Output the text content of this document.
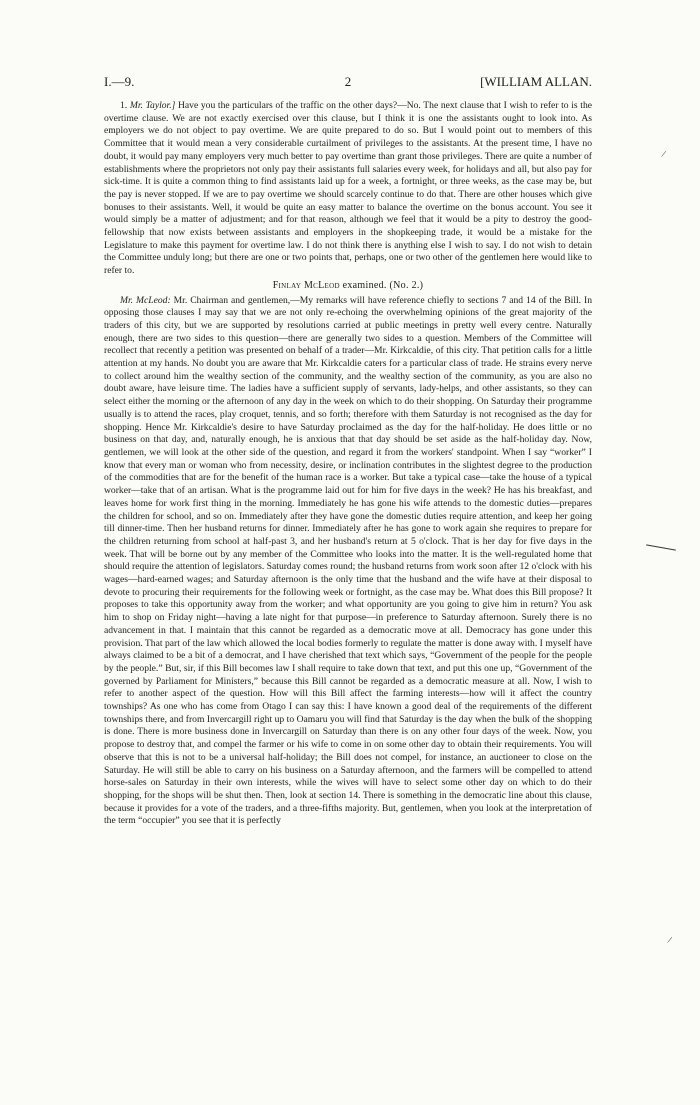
I.—9.	2	[WILLIAM ALLAN.

1. Mr. Taylor.] Have you the particulars of the traffic on the other days?—No. The next clause that I wish to refer to is the overtime clause. We are not exactly exercised over this clause, but I think it is one the assistants ought to look into. As employers we do not object to pay overtime. We are quite prepared to do so. But I would point out to members of this Committee that it would mean a very considerable curtailment of privileges to the assistants. At the present time, I have no doubt, it would pay many employers very much better to pay overtime than grant those privileges. There are quite a number of establishments where the proprietors not only pay their assistants full salaries every week, for holidays and all, but also pay for sick-time. It is quite a common thing to find assistants laid up for a week, a fortnight, or three weeks, as the case may be, but the pay is never stopped. If we are to pay overtime we should scarcely continue to do that. There are other houses which give bonuses to their assistants. Well, it would be quite an easy matter to balance the overtime on the bonus account. You see it would simply be a matter of adjustment; and for that reason, although we feel that it would be a pity to destroy the good-fellowship that now exists between assistants and employers in the shopkeeping trade, it would be a mistake for the Legislature to make this payment for overtime law. I do not think there is anything else I wish to say. I do not wish to detain the Committee unduly long; but there are one or two points that, perhaps, one or two other of the gentlemen here would like to refer to.

Finlay McLeod examined. (No. 2.)

Mr. McLeod: Mr. Chairman and gentlemen,—My remarks will have reference chiefly to sections 7 and 14 of the Bill. In opposing those clauses I may say that we are not only re-echoing the overwhelming opinions of the great majority of the traders of this city, but we are supported by resolutions carried at public meetings in pretty well every centre. Naturally enough, there are two sides to this question—there are generally two sides to a question. Members of the Committee will recollect that recently a petition was presented on behalf of a trader—Mr. Kirkcaldie, of this city. That petition calls for a little attention at my hands. No doubt you are aware that Mr. Kirkcaldie caters for a particular class of trade. He strains every nerve to collect around him the wealthy section of the community, and the wealthy section of the community, as you are also no doubt aware, have leisure time. The ladies have a sufficient supply of servants, lady-helps, and other assistants, so they can select either the morning or the afternoon of any day in the week on which to do their shopping. On Saturday their programme usually is to attend the races, play croquet, tennis, and so forth; therefore with them Saturday is not recognised as the day for shopping. Hence Mr. Kirkcaldie's desire to have Saturday proclaimed as the day for the half-holiday. He does little or no business on that day, and, naturally enough, he is anxious that that day should be set aside as the half-holiday day. Now, gentlemen, we will look at the other side of the question, and regard it from the workers' standpoint. When I say “worker” I know that every man or woman who from necessity, desire, or inclination contributes in the slightest degree to the production of the commodities that are for the benefit of the human race is a worker. But take a typical case—take the house of a typical worker—take that of an artisan. What is the programme laid out for him for five days in the week? He has his breakfast, and leaves home for work first thing in the morning. Immediately he has gone his wife attends to the domestic duties—prepares the children for school, and so on. Immediately after they have gone the domestic duties require attention, and keep her going till dinner-time. Then her husband returns for dinner. Immediately after he has gone to work again she requires to prepare for the children returning from school at half-past 3, and her husband's return at 5 o'clock. That is her day for five days in the week. That will be borne out by any member of the Committee who looks into the matter. It is the well-regulated home that should require the attention of legislators. Saturday comes round; the husband returns from work soon after 12 o'clock with his wages—hard-earned wages; and Saturday afternoon is the only time that the husband and the wife have at their disposal to devote to procuring their requirements for the following week or fortnight, as the case may be. What does this Bill propose? It proposes to take this opportunity away from the worker; and what opportunity are you going to give him in return? You ask him to shop on Friday night—having a late night for that purpose—in preference to Saturday afternoon. Surely there is no advancement in that. I maintain that this cannot be regarded as a democratic move at all. Democracy has gone under this provision. That part of the law which allowed the local bodies formerly to regulate the matter is done away with. I myself have always claimed to be a bit of a democrat, and I have cherished that text which says, “Government of the people for the people by the people.” But, sir, if this Bill becomes law I shall require to take down that text, and put this one up, “Government of the governed by Parliament for Ministers,” because this Bill cannot be regarded as a democratic measure at all. Now, I wish to refer to another aspect of the question. How will this Bill affect the farming interests—how will it affect the country townships? As one who has come from Otago I can say this: I have known a good deal of the requirements of the different townships there, and from Invercargill right up to Oamaru you will find that Saturday is the day when the bulk of the shopping is done. There is more business done in Invercargill on Saturday than there is on any other four days of the week. Now, you propose to destroy that, and compel the farmer or his wife to come in on some other day to obtain their requirements. You will observe that this is not to be a universal half-holiday; the Bill does not compel, for instance, an auctioneer to close on the Saturday. He will still be able to carry on his business on a Saturday afternoon, and the farmers will be compelled to attend horse-sales on Saturday in their own interests, while the wives will have to select some other day on which to do their shopping, for the shops will be shut then. Then, look at section 14. There is something in the democratic line about this clause, because it provides for a vote of the traders, and a three-fifths majority. But, gentlemen, when you look at the interpretation of the term “occupier” you see that it is perfectly

/
/
